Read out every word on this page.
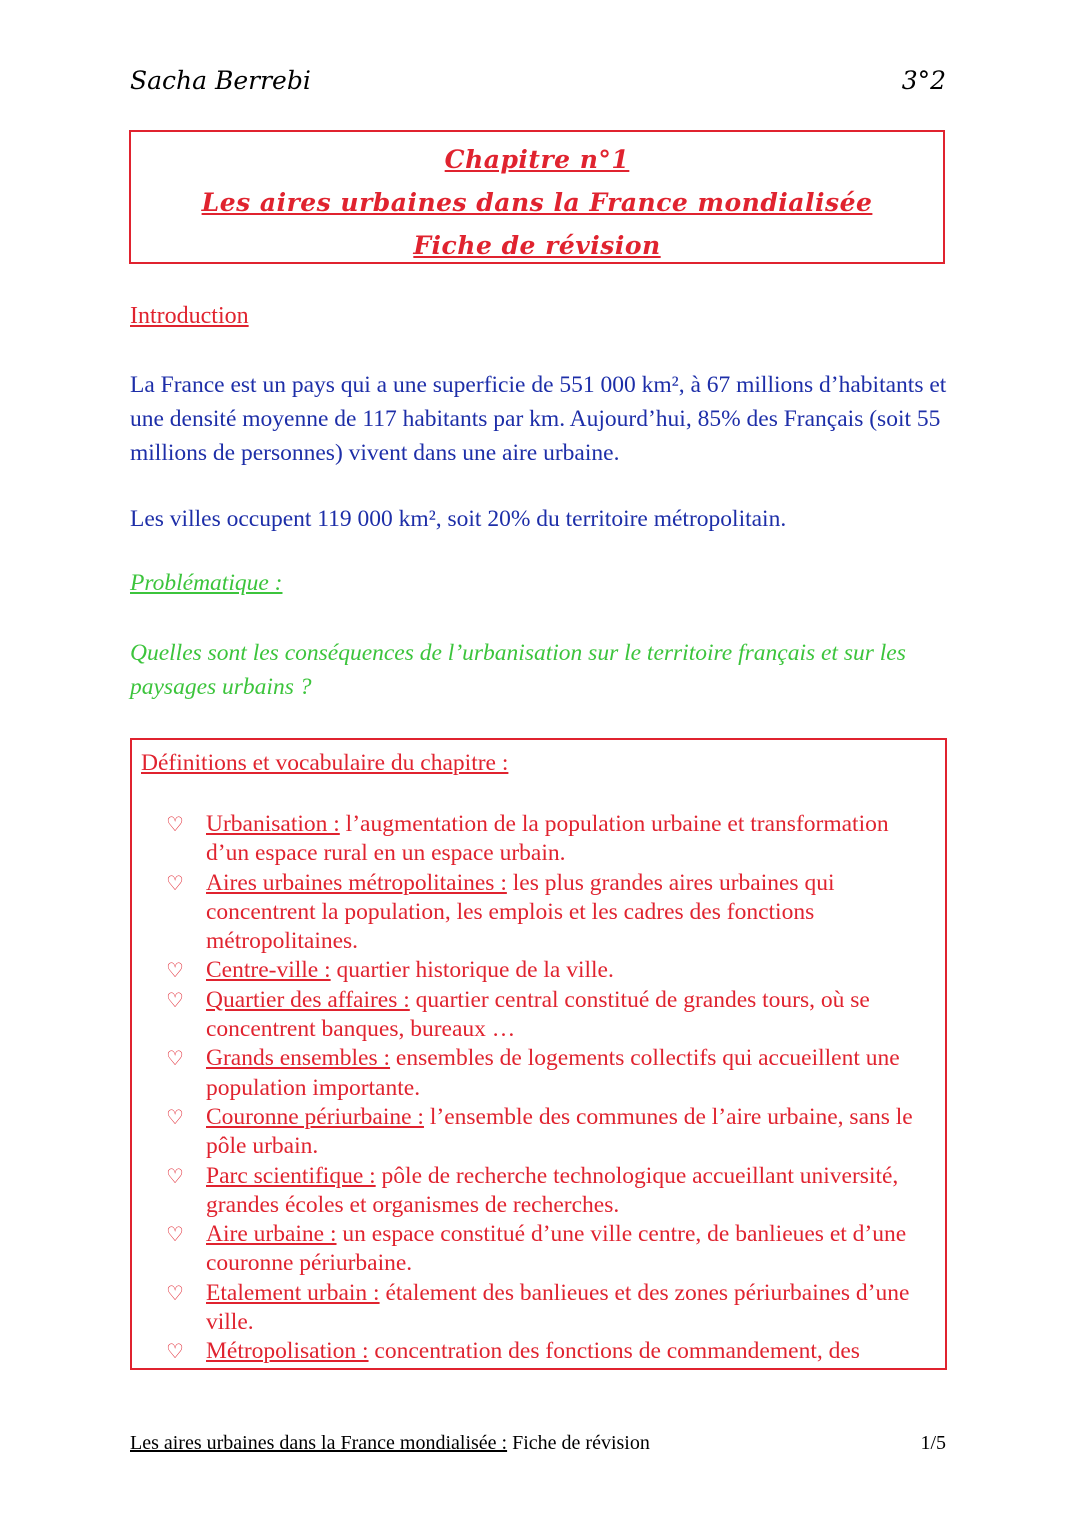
Sacha Berrebi	3°2
Chapitre n°1
Les aires urbaines dans la France mondialisée
Fiche de révision
Introduction

La France est un pays qui a une superficie de 551 000 km², à 67 millions d’habitants et une densité moyenne de 117 habitants par km. Aujourd’hui, 85% des Français (soit 55 millions de personnes) vivent dans une aire urbaine.

Les villes occupent 119 000 km², soit 20% du territoire métropolitain.

Problématique :

Quelles sont les conséquences de l’urbanisation sur le territoire français et sur les paysages urbains ?

Définitions et vocabulaire du chapitre :
♡ Urbanisation : l’augmentation de la population urbaine et transformation d’un espace rural en un espace urbain.
♡ Aires urbaines métropolitaines : les plus grandes aires urbaines qui concentrent la population, les emplois et les cadres des fonctions métropolitaines.
♡ Centre-ville : quartier historique de la ville.
♡ Quartier des affaires : quartier central constitué de grandes tours, où se concentrent banques, bureaux …
♡ Grands ensembles : ensembles de logements collectifs qui accueillent une population importante.
♡ Couronne périurbaine : l’ensemble des communes de l’aire urbaine, sans le pôle urbain.
♡ Parc scientifique : pôle de recherche technologique accueillant université, grandes écoles et organismes de recherches.
♡ Aire urbaine : un espace constitué d’une ville centre, de banlieues et d’une couronne périurbaine.
♡ Etalement urbain : étalement des banlieues et des zones périurbaines d’une ville.
♡ Métropolisation : concentration des fonctions de commandement, des
Les aires urbaines dans la France mondialisée : Fiche de révision	1/5
